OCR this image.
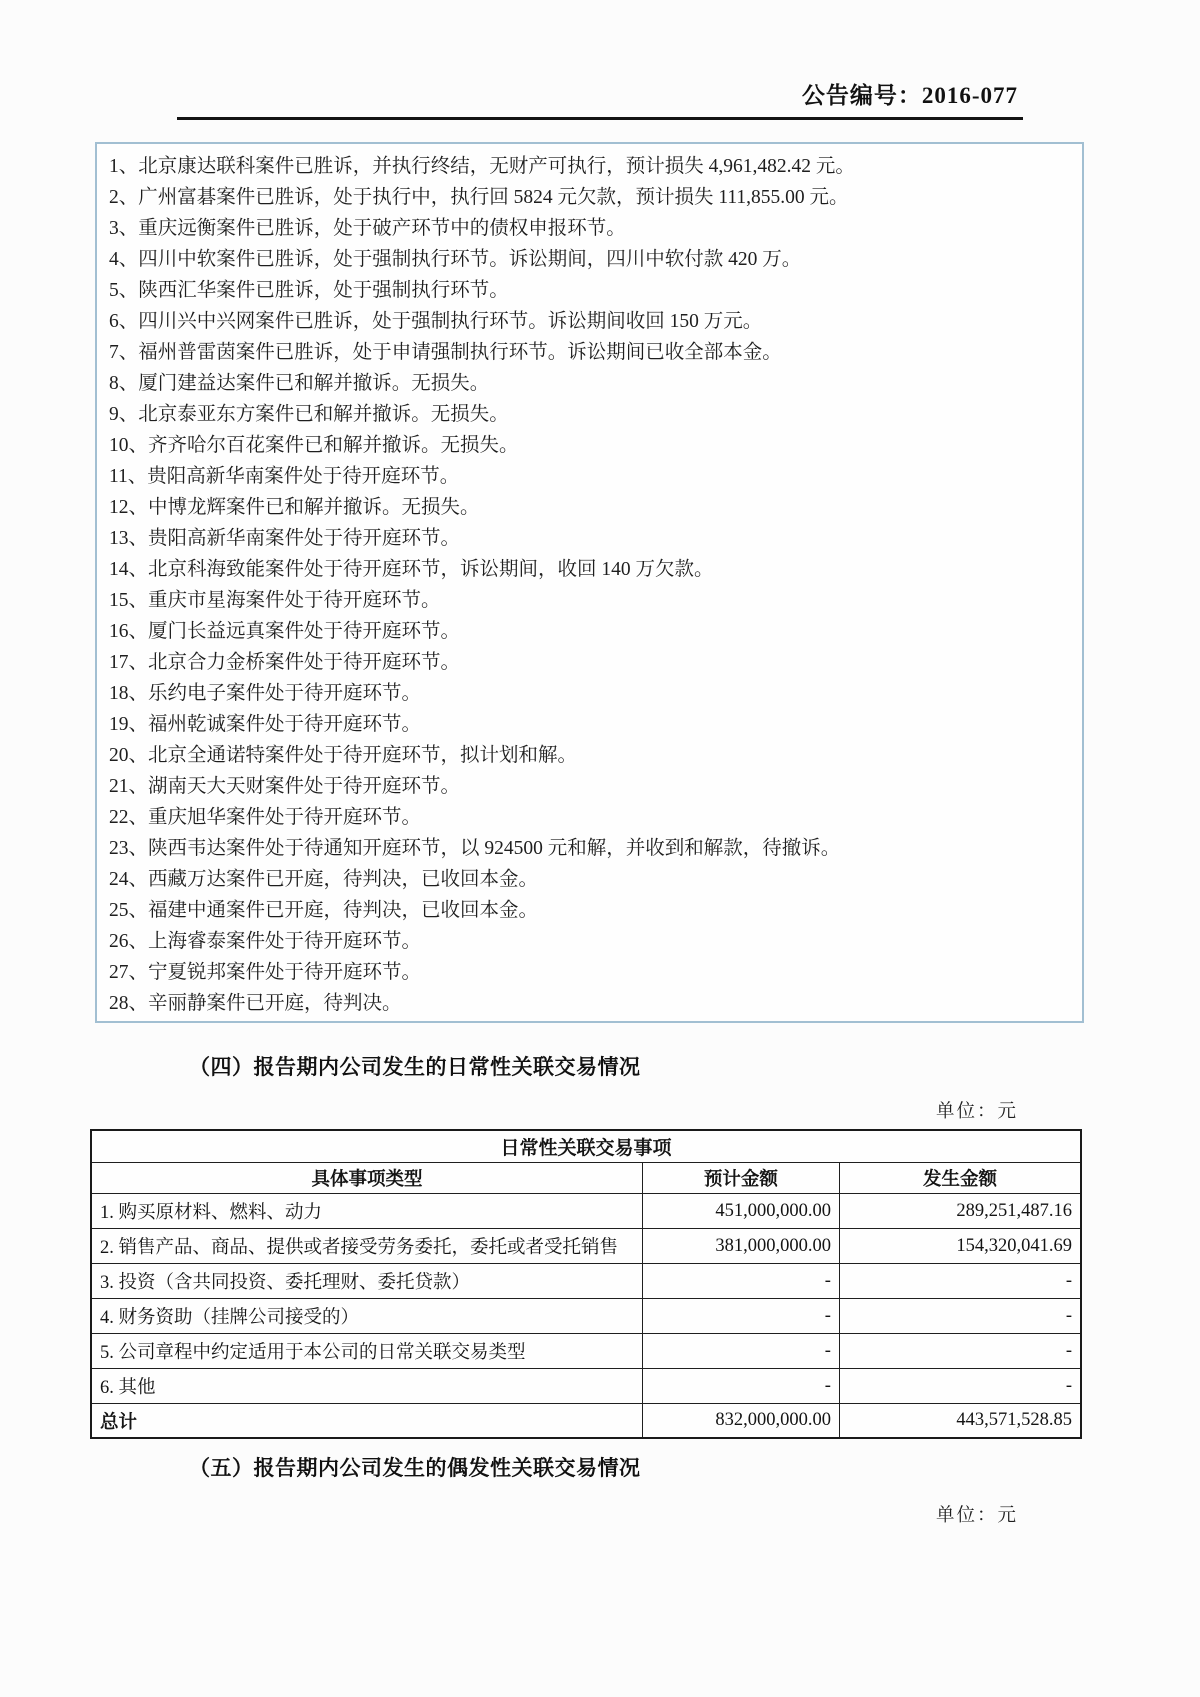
公告编号：2016-077
1、北京康达联科案件已胜诉，并执行终结，无财产可执行，预计损失 4,961,482.42 元。
2、广州富碁案件已胜诉，处于执行中，执行回 5824 元欠款，预计损失 111,855.00 元。
3、重庆远衡案件已胜诉，处于破产环节中的债权申报环节。
4、四川中软案件已胜诉，处于强制执行环节。诉讼期间，四川中软付款 420 万。
5、陕西汇华案件已胜诉，处于强制执行环节。
6、四川兴中兴网案件已胜诉，处于强制执行环节。诉讼期间收回 150 万元。
7、福州普雷茵案件已胜诉，处于申请强制执行环节。诉讼期间已收全部本金。
8、厦门建益达案件已和解并撤诉。无损失。
9、北京泰亚东方案件已和解并撤诉。无损失。
10、齐齐哈尔百花案件已和解并撤诉。无损失。
11、贵阳高新华南案件处于待开庭环节。
12、中博龙辉案件已和解并撤诉。无损失。
13、贵阳高新华南案件处于待开庭环节。
14、北京科海致能案件处于待开庭环节，诉讼期间，收回 140 万欠款。
15、重庆市星海案件处于待开庭环节。
16、厦门长益远真案件处于待开庭环节。
17、北京合力金桥案件处于待开庭环节。
18、乐约电子案件处于待开庭环节。
19、福州乾诚案件处于待开庭环节。
20、北京全通诺特案件处于待开庭环节，拟计划和解。
21、湖南天大天财案件处于待开庭环节。
22、重庆旭华案件处于待开庭环节。
23、陕西韦达案件处于待通知开庭环节，以 924500 元和解，并收到和解款，待撤诉。
24、西藏万达案件已开庭，待判决，已收回本金。
25、福建中通案件已开庭，待判决，已收回本金。
26、上海睿泰案件处于待开庭环节。
27、宁夏锐邦案件处于待开庭环节。
28、辛丽静案件已开庭，待判决。
（四）报告期内公司发生的日常性关联交易情况
单位：元
日常性关联交易事项		
具体事项类型	预计金额	发生金额
1. 购买原材料、燃料、动力	451,000,000.00	289,251,487.16
2. 销售产品、商品、提供或者接受劳务委托，委托或者受托销售	381,000,000.00	154,320,041.69
3. 投资（含共同投资、委托理财、委托贷款）	-	-
4. 财务资助（挂牌公司接受的）	-	-
5. 公司章程中约定适用于本公司的日常关联交易类型	-	-
6. 其他	-	-
总计	832,000,000.00	443,571,528.85
（五）报告期内公司发生的偶发性关联交易情况
单位：元
